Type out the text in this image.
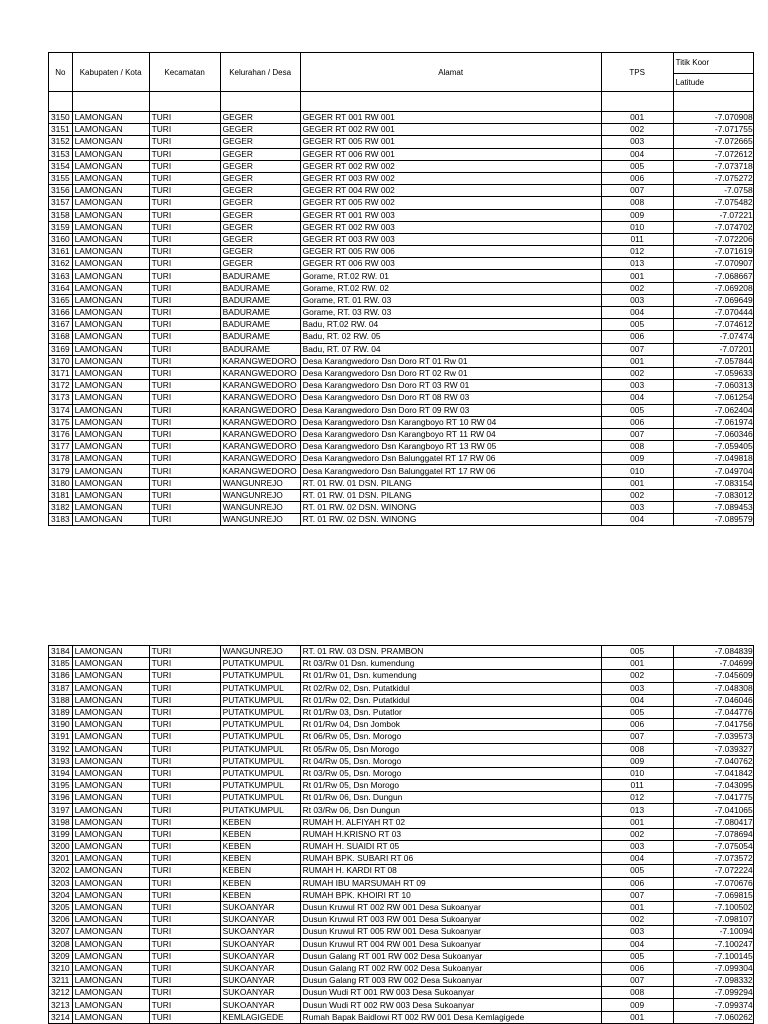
No	Kabupaten / Kota	Kecamatan	Kelurahan / Desa	Alamat	TPS	Titik Koor
						Latitude

3150	LAMONGAN	TURI	GEGER	GEGER RT 001 RW 001	001	-7.070908
3151	LAMONGAN	TURI	GEGER	GEGER RT 002 RW 001	002	-7.071755
3152	LAMONGAN	TURI	GEGER	GEGER RT 005 RW 001	003	-7.072665
3153	LAMONGAN	TURI	GEGER	GEGER RT 006 RW 001	004	-7.072612
3154	LAMONGAN	TURI	GEGER	GEGER RT 002 RW 002	005	-7.073718
3155	LAMONGAN	TURI	GEGER	GEGER RT 003 RW 002	006	-7.075272
3156	LAMONGAN	TURI	GEGER	GEGER RT 004 RW 002	007	-7.0758
3157	LAMONGAN	TURI	GEGER	GEGER RT 005 RW 002	008	-7.075482
3158	LAMONGAN	TURI	GEGER	GEGER RT 001 RW 003	009	-7.07221
3159	LAMONGAN	TURI	GEGER	GEGER RT 002 RW 003	010	-7.074702
3160	LAMONGAN	TURI	GEGER	GEGER RT 003 RW 003	011	-7.072206
3161	LAMONGAN	TURI	GEGER	GEGER RT 005 RW 006	012	-7.071619
3162	LAMONGAN	TURI	GEGER	GEGER RT 006 RW 003	013	-7.070907
3163	LAMONGAN	TURI	BADURAME	Gorame, RT.02 RW. 01	001	-7.068667
3164	LAMONGAN	TURI	BADURAME	Gorame, RT.02 RW. 02	002	-7.069208
3165	LAMONGAN	TURI	BADURAME	Gorame, RT. 01 RW. 03	003	-7.069649
3166	LAMONGAN	TURI	BADURAME	Gorame, RT. 03 RW. 03	004	-7.070444
3167	LAMONGAN	TURI	BADURAME	Badu, RT.02 RW. 04	005	-7.074612
3168	LAMONGAN	TURI	BADURAME	Badu, RT. 02 RW. 05	006	-7.07474
3169	LAMONGAN	TURI	BADURAME	Badu, RT. 07 RW. 04	007	-7.07201
3170	LAMONGAN	TURI	KARANGWEDORO	Desa Karangwedoro Dsn Doro RT 01 Rw 01	001	-7.057844
3171	LAMONGAN	TURI	KARANGWEDORO	Desa Karangwedoro Dsn Doro RT 02 Rw 01	002	-7.059633
3172	LAMONGAN	TURI	KARANGWEDORO	Desa Karangwedoro Dsn Doro RT 03 RW 01	003	-7.060313
3173	LAMONGAN	TURI	KARANGWEDORO	Desa Karangwedoro Dsn Doro RT 08 RW 03	004	-7.061254
3174	LAMONGAN	TURI	KARANGWEDORO	Desa Karangwedoro Dsn Doro RT 09 RW 03	005	-7.062404
3175	LAMONGAN	TURI	KARANGWEDORO	Desa Karangwedoro Dsn Karangboyo RT 10 RW 04	006	-7.061974
3176	LAMONGAN	TURI	KARANGWEDORO	Desa Karangwedoro Dsn Karangboyo RT 11 RW 04	007	-7.060346
3177	LAMONGAN	TURI	KARANGWEDORO	Desa Karangwedoro Dsn Karangboyo RT 13 RW 05	008	-7.059405
3178	LAMONGAN	TURI	KARANGWEDORO	Desa Karangwedoro Dsn Balunggatel RT 17 RW 06	009	-7.049818
3179	LAMONGAN	TURI	KARANGWEDORO	Desa Karangwedoro Dsn Balunggatel RT 17 RW 06	010	-7.049704
3180	LAMONGAN	TURI	WANGUNREJO	RT. 01 RW. 01 DSN. PILANG	001	-7.083154
3181	LAMONGAN	TURI	WANGUNREJO	RT. 01 RW. 01 DSN. PILANG	002	-7.083012
3182	LAMONGAN	TURI	WANGUNREJO	RT. 01 RW. 02 DSN. WINONG	003	-7.089453
3183	LAMONGAN	TURI	WANGUNREJO	RT. 01 RW. 02 DSN. WINONG	004	-7.089579
3184	LAMONGAN	TURI	WANGUNREJO	RT. 01 RW. 03 DSN. PRAMBON	005	-7.084839
3185	LAMONGAN	TURI	PUTATKUMPUL	Rt 03/Rw 01 Dsn. kumendung	001	-7.04699
3186	LAMONGAN	TURI	PUTATKUMPUL	Rt 01/Rw 01, Dsn. kumendung	002	-7.045609
3187	LAMONGAN	TURI	PUTATKUMPUL	Rt 02/Rw 02, Dsn. Putatkidul	003	-7.048308
3188	LAMONGAN	TURI	PUTATKUMPUL	Rt 01/Rw 02, Dsn. Putatkidul	004	-7.046046
3189	LAMONGAN	TURI	PUTATKUMPUL	Rt 01/Rw 03, Dsn. Putatlor	005	-7.044776
3190	LAMONGAN	TURI	PUTATKUMPUL	Rt 01/Rw 04, Dsn Jombok	006	-7.041756
3191	LAMONGAN	TURI	PUTATKUMPUL	Rt 06/Rw 05, Dsn. Morogo	007	-7.039573
3192	LAMONGAN	TURI	PUTATKUMPUL	Rt 05/Rw 05, Dsn Morogo	008	-7.039327
3193	LAMONGAN	TURI	PUTATKUMPUL	Rt 04/Rw 05, Dsn. Morogo	009	-7.040762
3194	LAMONGAN	TURI	PUTATKUMPUL	Rt 03/Rw 05, Dsn. Morogo	010	-7.041842
3195	LAMONGAN	TURI	PUTATKUMPUL	Rt 01/Rw 05, Dsn Morogo	011	-7.043095
3196	LAMONGAN	TURI	PUTATKUMPUL	Rt 01/Rw 06, Dsn. Dungun	012	-7.041775
3197	LAMONGAN	TURI	PUTATKUMPUL	Rt 03/Rw 06, Dsn Dungun	013	-7.041065
3198	LAMONGAN	TURI	KEBEN	RUMAH H. ALFIYAH RT 02	001	-7.080417
3199	LAMONGAN	TURI	KEBEN	RUMAH H.KRISNO RT 03	002	-7.078694
3200	LAMONGAN	TURI	KEBEN	RUMAH H. SUAIDI RT 05	003	-7.075054
3201	LAMONGAN	TURI	KEBEN	RUMAH BPK. SUBARI RT 06	004	-7.073572
3202	LAMONGAN	TURI	KEBEN	RUMAH H. KARDI RT 08	005	-7.072224
3203	LAMONGAN	TURI	KEBEN	RUMAH IBU MARSUMAH RT 09	006	-7.070676
3204	LAMONGAN	TURI	KEBEN	RUMAH BPK. KHOIRI RT 10	007	-7.069815
3205	LAMONGAN	TURI	SUKOANYAR	Dusun Kruwul RT 002 RW 001 Desa Sukoanyar	001	-7.100502
3206	LAMONGAN	TURI	SUKOANYAR	Dusun Kruwul RT 003 RW 001 Desa Sukoanyar	002	-7.098107
3207	LAMONGAN	TURI	SUKOANYAR	Dusun Kruwul RT 005 RW 001 Desa Sukoanyar	003	-7.10094
3208	LAMONGAN	TURI	SUKOANYAR	Dusun Kruwul RT 004 RW 001 Desa Sukoanyar	004	-7.100247
3209	LAMONGAN	TURI	SUKOANYAR	Dusun Galang RT 001 RW 002 Desa Sukoanyar	005	-7.100145
3210	LAMONGAN	TURI	SUKOANYAR	Dusun Galang RT 002 RW 002 Desa Sukoanyar	006	-7.099304
3211	LAMONGAN	TURI	SUKOANYAR	Dusun Galang RT 003 RW 002 Desa Sukoanyar	007	-7.098332
3212	LAMONGAN	TURI	SUKOANYAR	Dusun Wudi RT 001 RW 003 Desa Sukoanyar	008	-7.099294
3213	LAMONGAN	TURI	SUKOANYAR	Dusun Wudi RT 002 RW 003 Desa Sukoanyar	009	-7.099374
3214	LAMONGAN	TURI	KEMLAGIGEDE	Rumah Bapak Baidlowi RT 002 RW 001 Desa Kemlagigede	001	-7.060262
